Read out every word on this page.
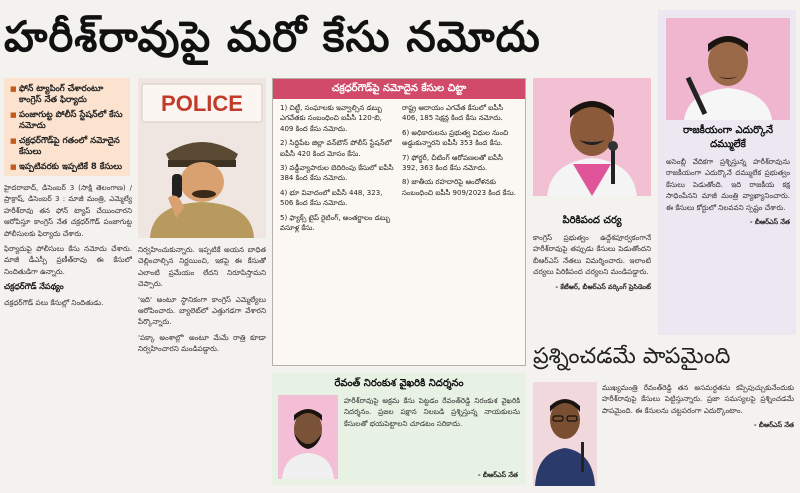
హరీశ్‌రావుపై మరో కేసు నమోదు
■ ఫోన్ ట్యాపింగ్ చేశారంటూ కాంగ్రెస్ నేత ఫిర్యాదు
■ పంజాగుట్ట పోలీస్ స్టేషన్‌లో కేసు నమోదు
■ చక్రధర్‌గౌడ్‌పై గతంలో నమోదైన కేసులు
■ ఇప్పటివరకు ఇప్పటికే 8 కేసులు
POLICE

హైదరాబాద్, డిసెంబర్ 3 (సాక్షి తెలంగాణ) / ప్రాక్రాష్, డిసెంబర్ 3 : మాజీ మంత్రి, ఎమ్మెల్యే హరీశ్‌రావు తన ఫోన్ ట్యాప్ చేయించారని ఆరోపిస్తూ కాంగ్రెస్ నేత చక్రధర్‌గౌడ్ పంజాగుట్ట పోలీసులకు ఫిర్యాదు చేశారు.

ఫిర్యాదుపై పోలీసులు కేసు నమోదు చేశారు. మాజీ డీఎస్పీ ప్రణీత్‌రావు ఈ కేసులో నిందితుడిగా ఉన్నారు.

చక్రధర్‌గౌడ్ నేపథ్యం

చక్రధర్‌గౌడ్‌ పలు కేసుల్లో నిందితుడు.

నిర్వహించుకున్నారు. ఇప్పటికే అయన బాధిత చెల్లించాల్సిన నిర్ణయించి, ఇకపై ఈ కేసుతో ఎలాంటి ప్రమేయం లేదని నిరూపిస్తామని చెప్పారు.

'ఇది' అంటూ స్థానికంగా కాంగ్రెస్ ఎమ్మెల్యేలు ఆరోపించారు. బ్యాలెట్‌లో ఎత్తుగడగా వేశారని పేర్కొన్నారు.

'పక్కా అంశాల్లో' అంటూ మేమే రాత్రి కూడా నిర్వహించారని మండిపడ్డారు.

చక్రధర్‌గౌడ్‌పై నమోదైన కేసుల చిట్టా
1) చిట్టీ, సంఘాలకు ఇవ్వాల్సిన డబ్బు ఎగవేతకు సంబంధించి ఐపీసీ 120-బి, 409 కింద కేసు నమోదు.
2) సిద్దిపేట జిల్లా వన్‌టౌన్ పోలీస్ స్టేషన్‌లో ఐపీసీ 420 కింద మోసం కేసు.
3) వడ్డీవ్యాపారుల బెదిరింపు కేసులో ఐపీసీ 384 కింద కేసు నమోదు.
4) భూ వివాదంలో ఐపీసీ 448, 323, 506 కింద కేసు నమోదు.
5) ఫ్యాక్స్ టైప్ రైటింగ్, అంతర్జాలం డబ్బు వసూళ్ల కేసు.
రాష్ట్ర ఆదాయం ఎగవేత కేసులో ఐపీసీ 406, 185 సెక్షన్ల కింద కేసు నమోదు.
6) అధికారులను ప్రభుత్వ విధుల నుంచి అడ్డుకున్నారని ఐపీసీ 353 కింద కేసు.
7) ఫోర్జరీ, చీటింగ్ ఆరోపణలతో ఐపీసీ 392, 363 కింద కేసు నమోదు.
8) జాతీయ రహదారిపై ఆందోళనకు సంబంధించి ఐపీసీ 909/2023 కింద కేసు.
పిరికిపంద చర్య

కాంగ్రెస్ ప్రభుత్వం ఉద్దేశపూర్వకంగానే హరీశ్‌రావుపై తప్పుడు కేసులు పెడుతోందని బీఆర్‌ఎస్ నేతలు విమర్శించారు. ఇలాంటి చర్యలు పిరికిపంద చర్యలని మండిపడ్డారు.

- కేటీఆర్, బీఆర్‌ఎస్ వర్కింగ్ ప్రెసిడెంట్

రాజకీయంగా ఎదుర్కొనే దమ్ములేకే

అసెంబ్లీ వేదికగా ప్రశ్నిస్తున్న హరీశ్‌రావును రాజకీయంగా ఎదుర్కొనే దమ్ములేక ప్రభుత్వం కేసులు పెడుతోంది. ఇది రాజకీయ కక్ష సాధింపేనని మాజీ మంత్రి వ్యాఖ్యానించారు. ఈ కేసులు కోర్టులో నిలవవని స్పష్టం చేశారు.

- బీఆర్‌ఎస్ నేత

రేవంత్ నిరంకుశ వైఖరికి నిదర్శనం

హరీశ్‌రావుపై అక్రమ కేసు పెట్టడం రేవంత్‌రెడ్డి నిరంకుశ వైఖరికి నిదర్శనం. ప్రజల పక్షాన నిలబడి ప్రశ్నిస్తున్న నాయకులను కేసులతో భయపెట్టాలని చూడటం సరికాదు.

- బీఆర్‌ఎస్ నేత
ప్రశ్నించడమే పాపమైంది

ముఖ్యమంత్రి రేవంత్‌రెడ్డి తన అసమర్థతను కప్పిపుచ్చుకునేందుకు హరీశ్‌రావుపై కేసులు పెట్టిస్తున్నారు. ప్రజా సమస్యలపై ప్రశ్నించడమే పాపమైంది. ఈ కేసులను చట్టపరంగా ఎదుర్కొంటాం.

- బీఆర్‌ఎస్ నేత
